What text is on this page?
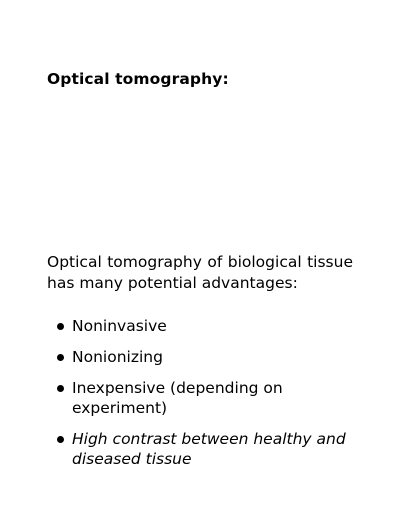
Optical tomography:
Optical tomography of biological tissue has many potential advantages:
Noninvasive
Nonionizing
Inexpensive (depending on experiment)
High contrast between healthy and diseased tissue
